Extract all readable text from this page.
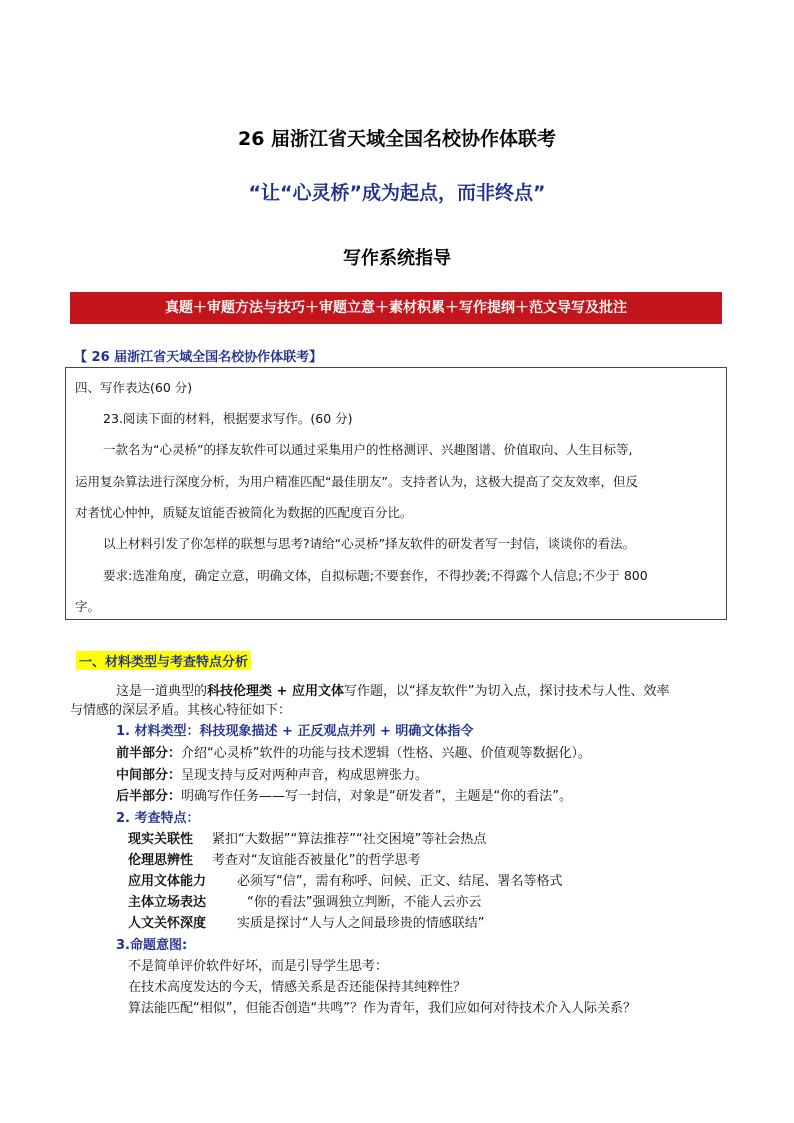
26 届浙江省天域全国名校协作体联考
“让“心灵桥”成为起点，而非终点”
写作系统指导
真题＋审题方法与技巧＋审题立意＋素材积累＋写作提纲＋范文导写及批注
【 26 届浙江省天域全国名校协作体联考】
四、写作表达(60 分)
23.阅读下面的材料，根据要求写作。(60 分)
一款名为“心灵桥”的择友软件可以通过采集用户的性格测评、兴趣图谱、价值取向、人生目标等,
运用复杂算法进行深度分析，为用户精准匹配“最佳朋友”。支持者认为，这极大提高了交友效率，但反
对者忧心忡忡，质疑友谊能否被简化为数据的匹配度百分比。
以上材料引发了你怎样的联想与思考?请给“心灵桥”择友软件的研发者写一封信，谈谈你的看法。
要求:选准角度，确定立意，明确文体，自拟标题;不要套作，不得抄袭;不得露个人信息;不少于 800
字。
一、材料类型与考查特点分析
这是一道典型的科技伦理类 + 应用文体写作题，以“择友软件”为切入点，探讨技术与人性、效率
与情感的深层矛盾。其核心特征如下：
1. 材料类型：科技现象描述 + 正反观点并列 + 明确文体指令
前半部分：介绍“心灵桥”软件的功能与技术逻辑（性格、兴趣、价值观等数据化）。
中间部分：呈现支持与反对两种声音，构成思辨张力。
后半部分：明确写作任务——写一封信，对象是“研发者”，主题是“你的看法”。
2. 考查特点：
现实关联性 紧扣“大数据”“算法推荐”“社交困境”等社会热点
伦理思辨性 考查对“友谊能否被量化”的哲学思考
应用文体能力 必须写“信”，需有称呼、问候、正文、结尾、署名等格式
主体立场表达	“你的看法”强调独立判断，不能人云亦云
人文关怀深度 实质是探讨“人与人之间最珍贵的情感联结”
3.命题意图:
不是简单评价软件好坏，而是引导学生思考：
在技术高度发达的今天，情感关系是否还能保持其纯粹性？
算法能匹配“相似”，但能否创造“共鸣”？作为青年，我们应如何对待技术介入人际关系？
